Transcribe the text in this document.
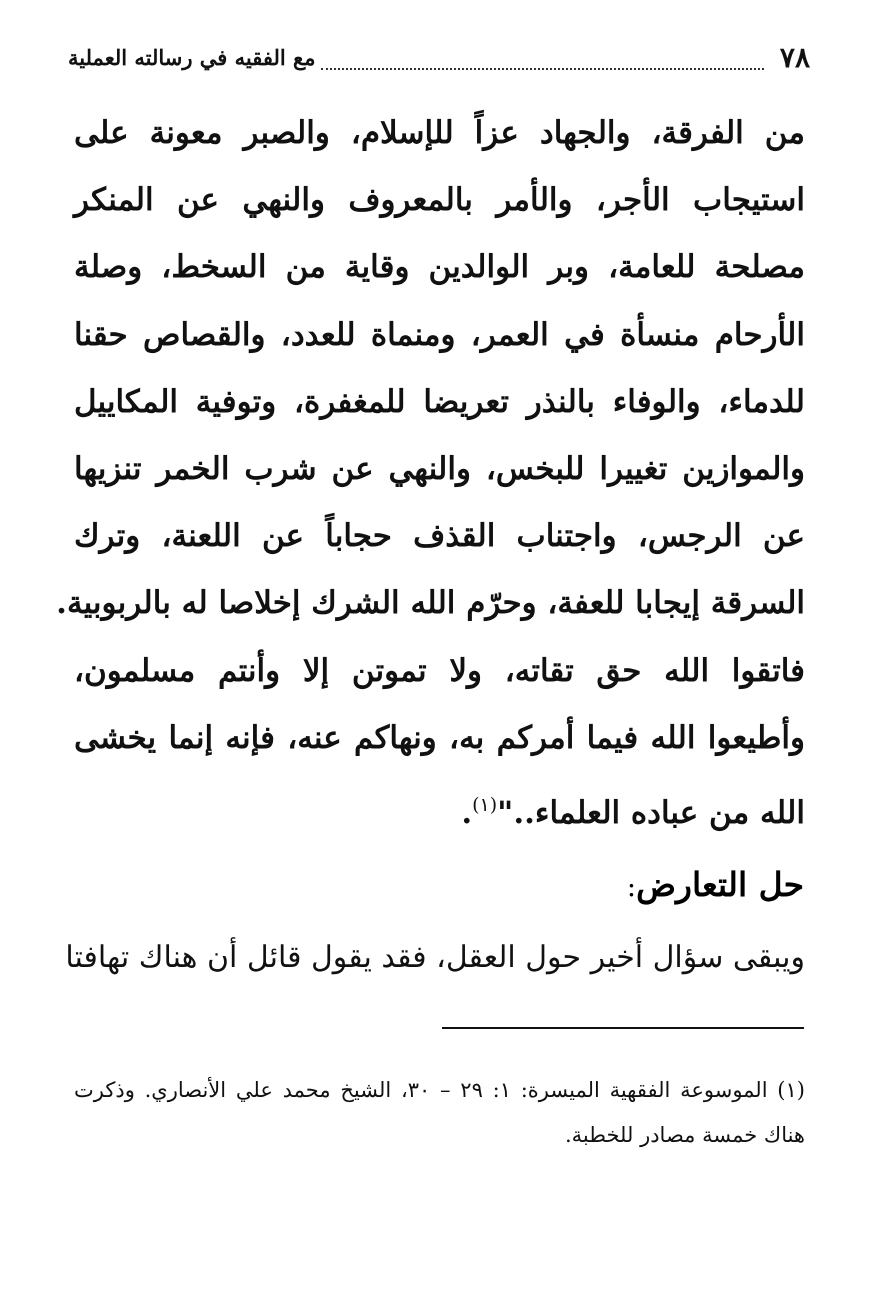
٧٨
مع الفقيه في رسالته العملية
من الفرقة، والجهاد عزاً للإسلام، والصبر معونة على
استيجاب الأجر، والأمر بالمعروف والنهي عن المنكر
مصلحة للعامة، وبر الوالدين وقاية من السخط، وصلة
الأرحام منسأة في العمر، ومنماة للعدد، والقصاص حقنا
للدماء، والوفاء بالنذر تعريضا للمغفرة، وتوفية المكاييل
والموازين تغييرا للبخس، والنهي عن شرب الخمر تنزيها
عن الرجس، واجتناب القذف حجاباً عن اللعنة، وترك
السرقة إيجابا للعفة، وحرّم الله الشرك إخلاصا له بالربوبية.
فاتقوا الله حق تقاته، ولا تموتن إلا وأنتم مسلمون،
وأطيعوا الله فيما أمركم به، ونهاكم عنه، فإنه إنما يخشى
الله من عباده العلماء.."$^{(١)}$.
حل التعارض:
ويبقى سؤال أخير حول العقل، فقد يقول قائل أن هناك تهافتا
(١) الموسوعة الفقهية الميسرة: ١: ٢٩ – ٣٠، الشيخ محمد علي الأنصاري. وذكرت
هناك خمسة مصادر للخطبة.
